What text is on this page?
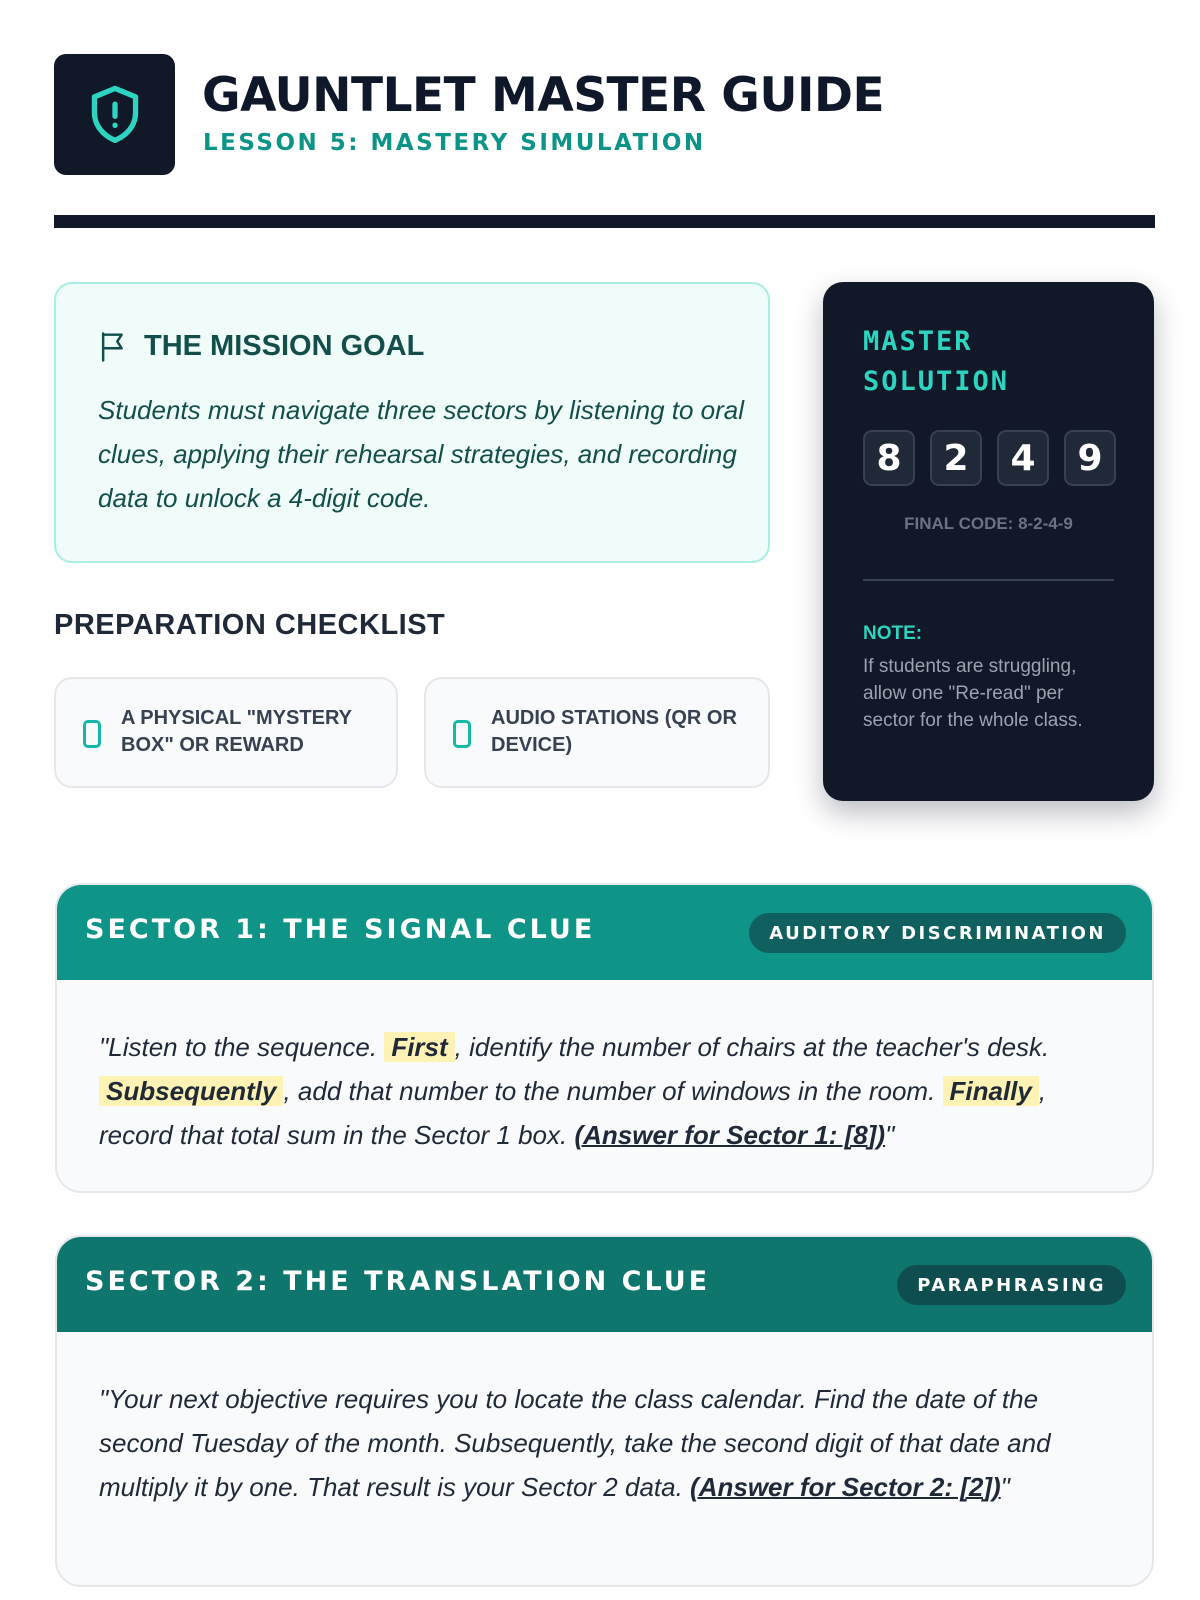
GAUNTLET MASTER GUIDE
LESSON 5: MASTERY SIMULATION
THE MISSION GOAL

Students must navigate three sectors by listening to oral clues, applying their rehearsal strategies, and recording data to unlock a 4-digit code.

PREPARATION CHECKLIST
A PHYSICAL "MYSTERY BOX" OR REWARD
AUDIO STATIONS (QR OR DEVICE)
MASTER SOLUTION
8	2	4	9
FINAL CODE: 8-2-4-9
NOTE:
If students are struggling, allow one "Re-read" per sector for the whole class.
SECTOR 1: THE SIGNAL CLUE	AUDITORY DISCRIMINATION

"Listen to the sequence. First , identify the number of chairs at the teacher's desk. Subsequently , add that number to the number of windows in the room. Finally , record that total sum in the Sector 1 box. (Answer for Sector 1: [8])"

SECTOR 2: THE TRANSLATION CLUE	PARAPHRASING

"Your next objective requires you to locate the class calendar. Find the date of the second Tuesday of the month. Subsequently, take the second digit of that date and multiply it by one. That result is your Sector 2 data. (Answer for Sector 2: [2])"
